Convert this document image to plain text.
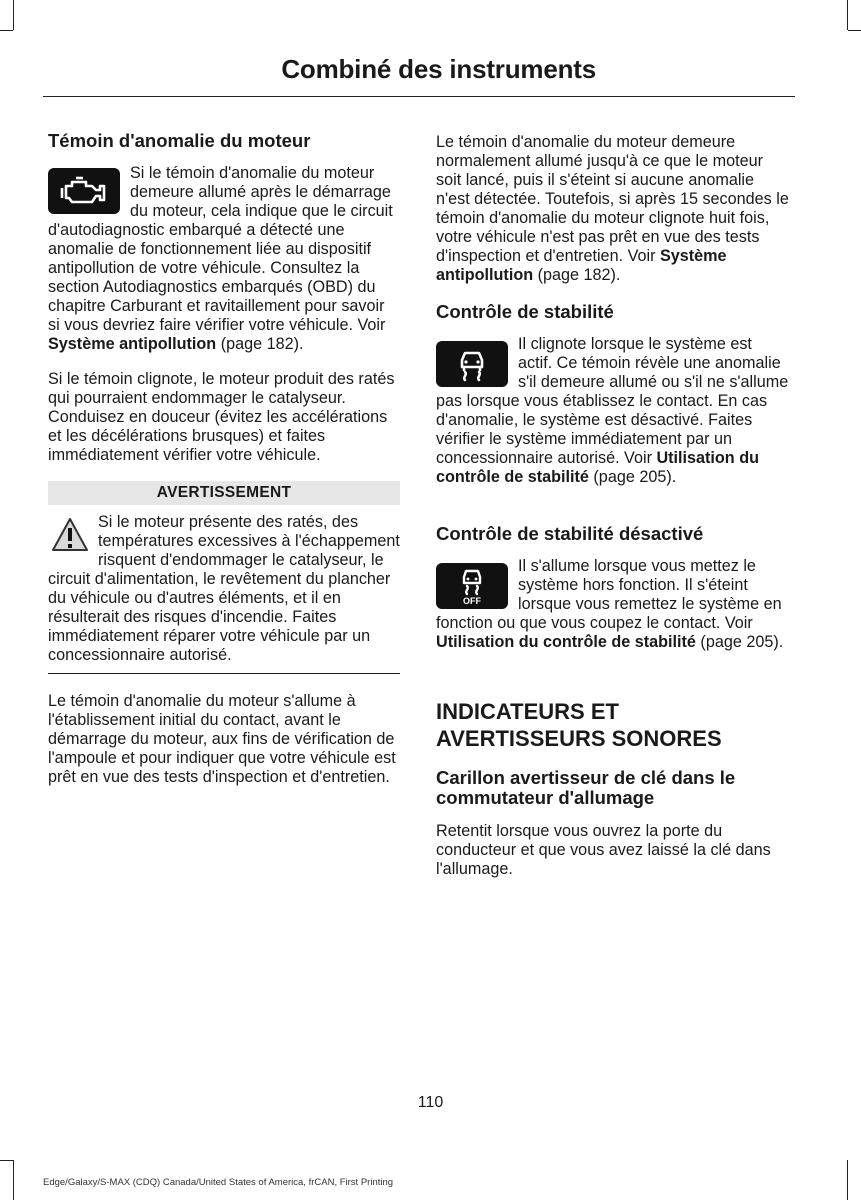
Combiné des instruments
Témoin d'anomalie du moteur

Si le témoin d'anomalie du moteur demeure allumé après le démarrage du moteur, cela indique que le circuit d'autodiagnostic embarqué a détecté une anomalie de fonctionnement liée au dispositif antipollution de votre véhicule. Consultez la section Autodiagnostics embarqués (OBD) du chapitre Carburant et ravitaillement pour savoir si vous devriez faire vérifier votre véhicule. Voir Système antipollution (page 182).

Si le témoin clignote, le moteur produit des ratés qui pourraient endommager le catalyseur. Conduisez en douceur (évitez les accélérations et les décélérations brusques) et faites immédiatement vérifier votre véhicule.

AVERTISSEMENT

Si le moteur présente des ratés, des températures excessives à l'échappement risquent d'endommager le catalyseur, le circuit d'alimentation, le revêtement du plancher du véhicule ou d'autres éléments, et il en résulterait des risques d'incendie. Faites immédiatement réparer votre véhicule par un concessionnaire autorisé.

Le témoin d'anomalie du moteur s'allume à l'établissement initial du contact, avant le démarrage du moteur, aux fins de vérification de l'ampoule et pour indiquer que votre véhicule est prêt en vue des tests d'inspection et d'entretien.

Le témoin d'anomalie du moteur demeure normalement allumé jusqu'à ce que le moteur soit lancé, puis il s'éteint si aucune anomalie n'est détectée. Toutefois, si après 15 secondes le témoin d'anomalie du moteur clignote huit fois, votre véhicule n'est pas prêt en vue des tests d'inspection et d'entretien. Voir Système antipollution (page 182).

Contrôle de stabilité

Il clignote lorsque le système est actif. Ce témoin révèle une anomalie s'il demeure allumé ou s'il ne s'allume pas lorsque vous établissez le contact. En cas d'anomalie, le système est désactivé. Faites vérifier le système immédiatement par un concessionnaire autorisé. Voir Utilisation du contrôle de stabilité (page 205).

Contrôle de stabilité désactivé
OFF

Il s'allume lorsque vous mettez le système hors fonction. Il s'éteint lorsque vous remettez le système en fonction ou que vous coupez le contact. Voir Utilisation du contrôle de stabilité (page 205).

INDICATEURS ET AVERTISSEURS SONORES
Carillon avertisseur de clé dans le commutateur d'allumage

Retentit lorsque vous ouvrez la porte du conducteur et que vous avez laissé la clé dans l'allumage.

110
Edge/Galaxy/S-MAX (CDQ) Canada/United States of America, frCAN, First Printing
